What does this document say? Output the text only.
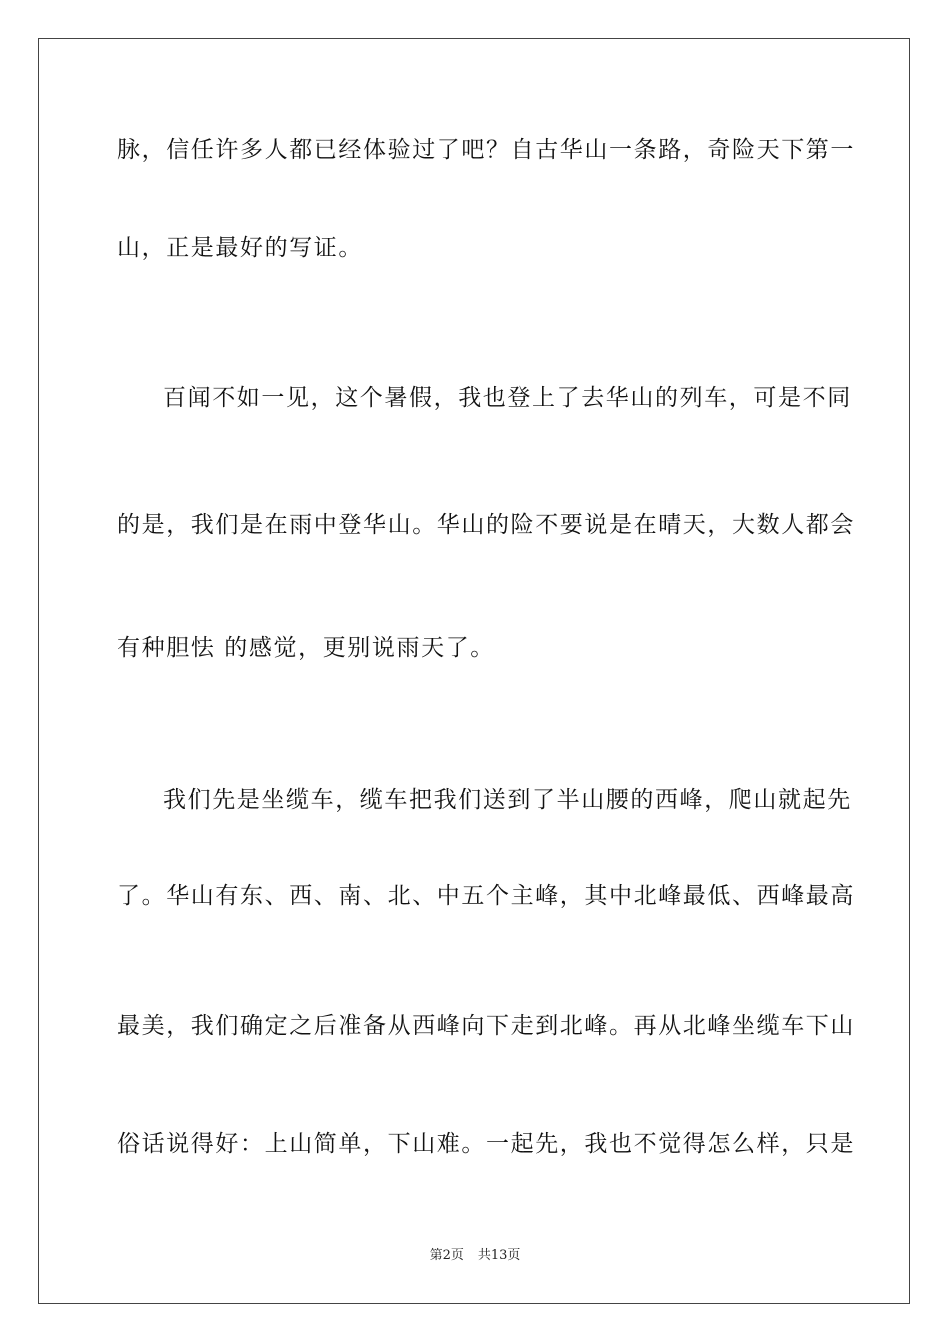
脉，信任许多人都已经体验过了吧？自古华山一条路，奇险天下第一
山，正是最好的写证。
百闻不如一见，这个暑假，我也登上了去华山的列车，可是不同
的是，我们是在雨中登华山。华山的险不要说是在晴天，大数人都会
有种胆怯 的感觉，更别说雨天了。
我们先是坐缆车，缆车把我们送到了半山腰的西峰，爬山就起先
了。华山有东、西、南、北、中五个主峰，其中北峰最低、西峰最高
最美，我们确定之后准备从西峰向下走到北峰。再从北峰坐缆车下山
俗话说得好：上山简单，下山难。一起先，我也不觉得怎么样，只是
第2页 共13页
